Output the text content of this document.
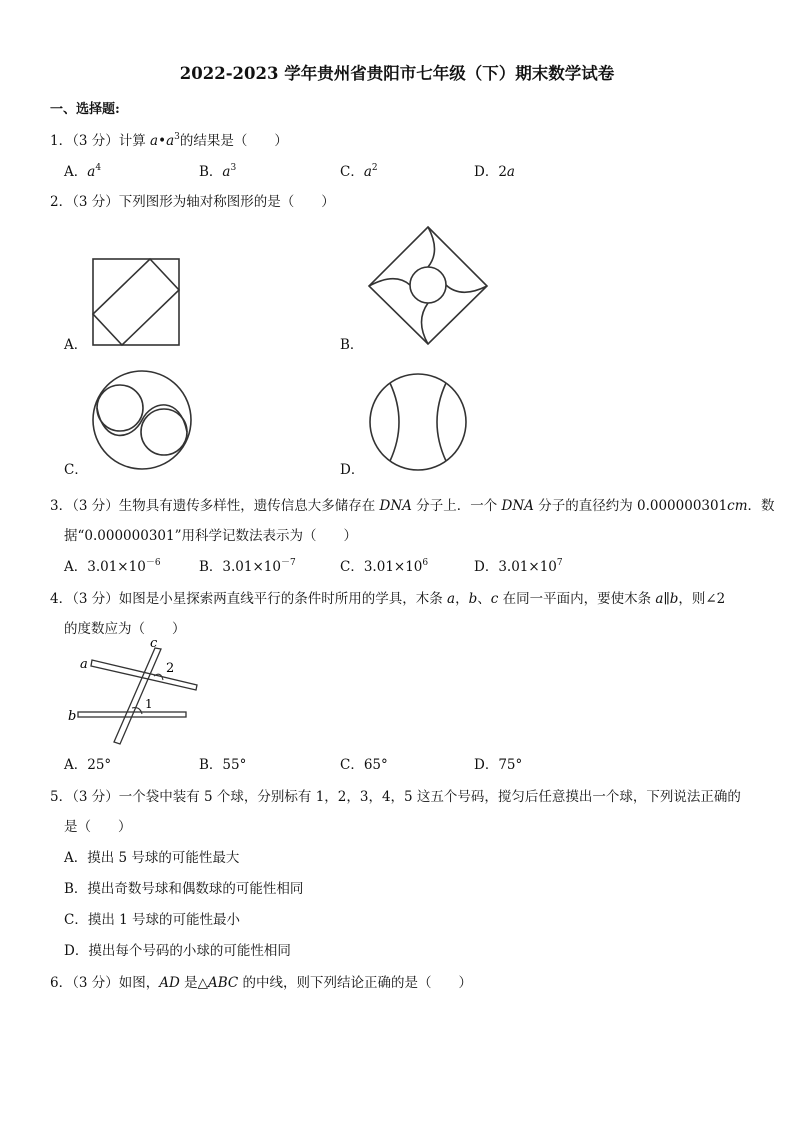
2022-2023 学年贵州省贵阳市七年级（下）期末数学试卷
一、选择题:
1．（3 分）计算 $a•a^3$的结果是（　　）
A．$a^4$	B．$a^3$	C．$a^2$	D．2a
2．（3 分）下列图形为轴对称图形的是（　　）
A．	B．
C．	D．
3．（3 分）生物具有遗传多样性，遗传信息大多储存在 DNA 分子上．一个 DNA 分子的直径约为 0.000000301cm．数
据“0.000000301”用科学记数法表示为（　　）
A．$3.01\times 10^{-6}$	B．$3.01\times 10^{-7}$	C．$3.01\times 10^6$	D．$3.01\times 10^7$
4．（3 分）如图是小星探索两直线平行的条件时所用的学具，木条 a，b、c 在同一平面内，要使木条 a∥b，则∠2
的度数应为（　　）
a
b
c
2
1
A．25°	B．55°	C．65°	D．75°
5．（3 分）一个袋中装有 5 个球，分别标有 1，2，3，4，5 这五个号码，搅匀后任意摸出一个球，下列说法正确的
是（　　）
A．摸出 5 号球的可能性最大
B．摸出奇数号球和偶数球的可能性相同
C．摸出 1 号球的可能性最小
D．摸出每个号码的小球的可能性相同
6．（3 分）如图，AD 是△ABC 的中线，则下列结论正确的是（　　）
